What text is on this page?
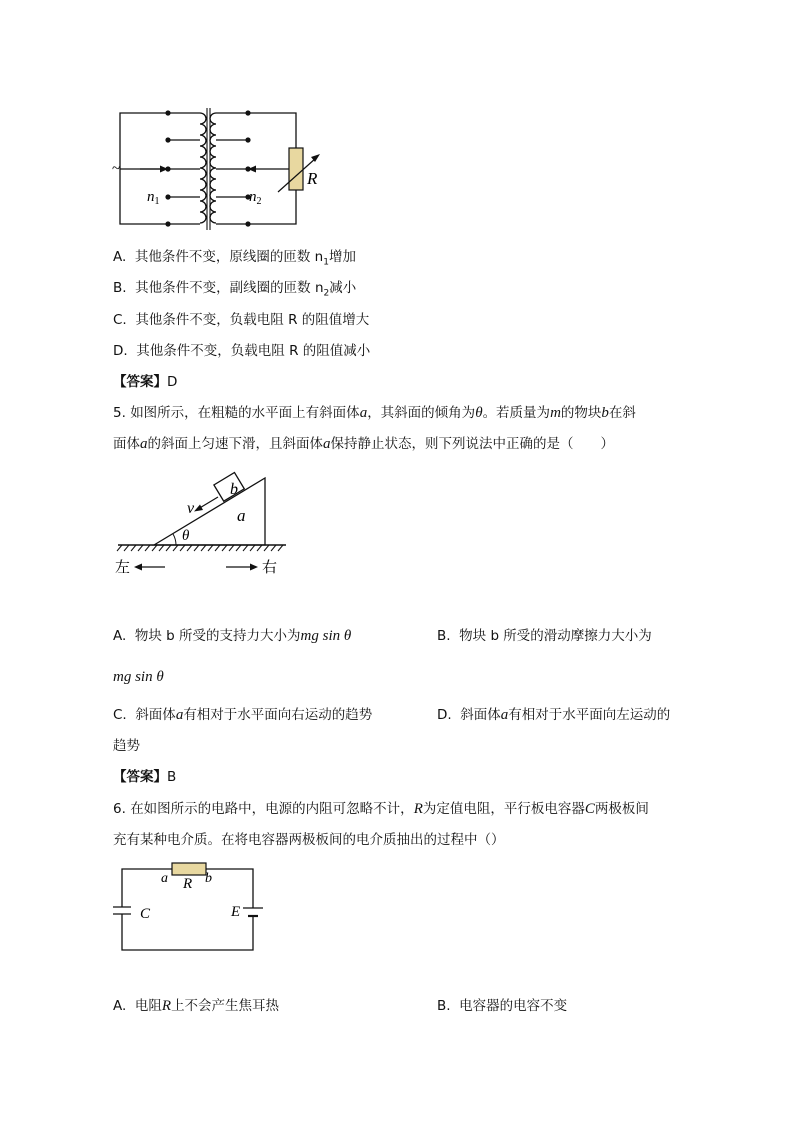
~
$n_1$	$n_2$
R
A. 其他条件不变，原线圈的匝数 $n_1$增加
B. 其他条件不变，副线圈的匝数 $n_2$减小
C. 其他条件不变，负载电阻 R 的阻值增大
D. 其他条件不变，负载电阻 R 的阻值减小
【答案】D
5. 如图所示，在粗糙的水平面上有斜面体a，其斜面的倾角为θ。若质量为m的物块b在斜
面体a的斜面上匀速下滑，且斜面体a保持静止状态，则下列说法中正确的是（　　）
b
v	a
θ
左	右
A. 物块 b 所受的支持力大小为mg sin θ	B. 物块 b 所受的滑动摩擦力大小为
mg sin θ
C. 斜面体a有相对于水平面向右运动的趋势	D. 斜面体a有相对于水平面向左运动的
趋势
【答案】B
6. 在如图所示的电路中，电源的内阻可忽略不计，R为定值电阻，平行板电容器C两极板间
充有某种电介质。在将电容器两极板间的电介质抽出的过程中（）
a R b
C	E
A. 电阻R上不会产生焦耳热	B. 电容器的电容不变
